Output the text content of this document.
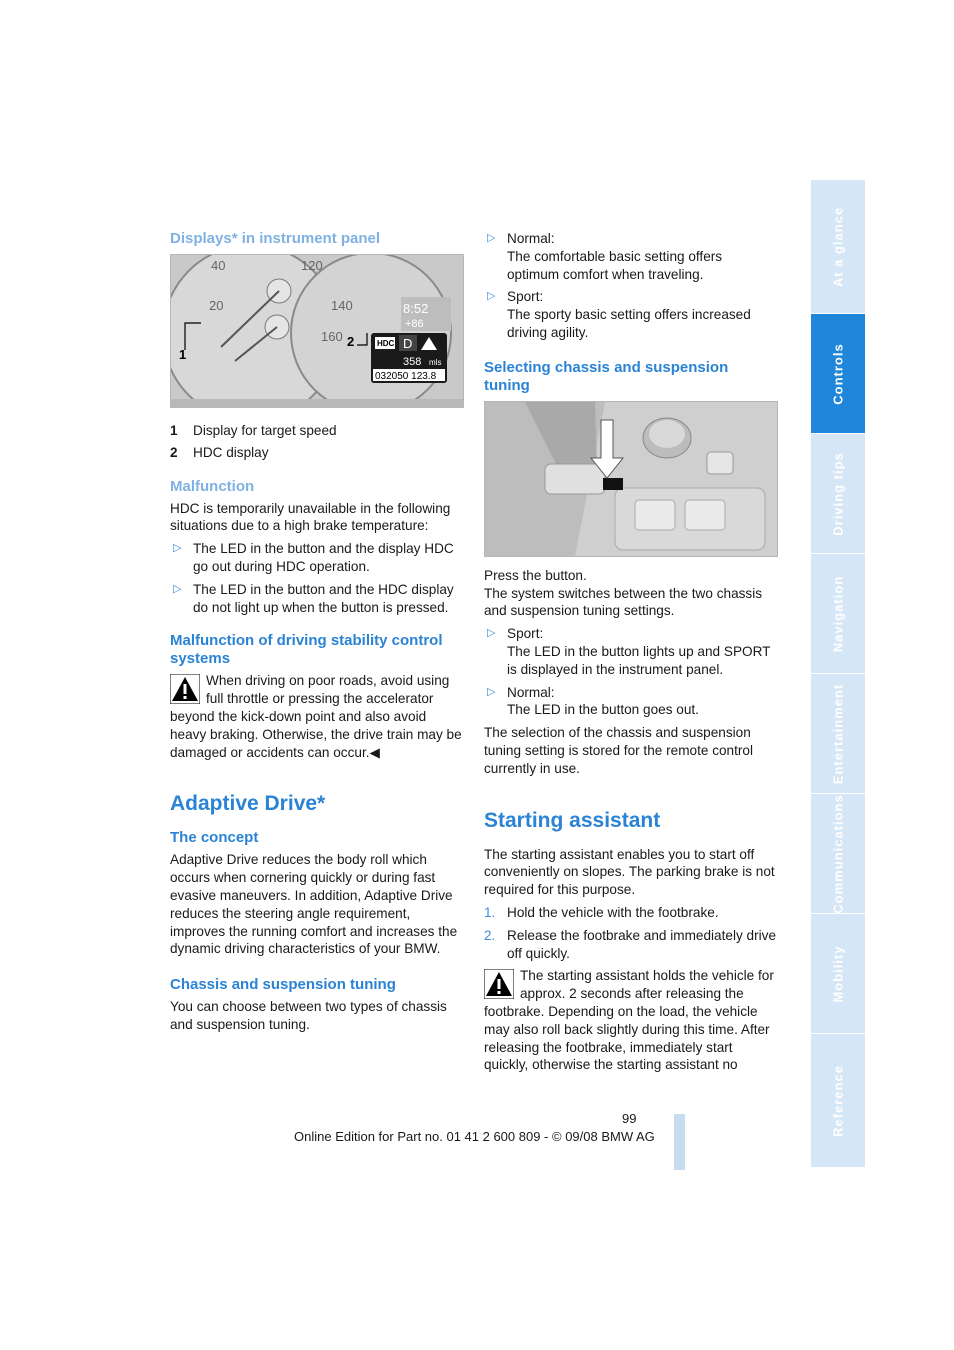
Displays* in instrument panel
40
20
120
140
160
8:52
+86
HDC D
358 mls
032050 123.8
1
2
1 Display for target speed
2 HDC display
Malfunction

HDC is temporarily unavailable in the following situations due to a high brake temperature:

▷ The LED in the button and the display HDC go out during HDC operation.
▷ The LED in the button and the HDC display do not light up when the button is pressed.
Malfunction of driving stability control systems
When driving on poor roads, avoid using full throttle or pressing the accelerator beyond the kick-down point and also avoid heavy braking. Otherwise, the drive train may be damaged or accidents can occur.◀
Adaptive Drive*
The concept

Adaptive Drive reduces the body roll which occurs when cornering quickly or during fast evasive maneuvers. In addition, Adaptive Drive reduces the steering angle requirement, improves the running comfort and increases the dynamic driving characteristics of your BMW.

Chassis and suspension tuning

You can choose between two types of chassis and suspension tuning.

▷ Normal:
The comfortable basic setting offers optimum comfort when traveling.
▷ Sport:
The sporty basic setting offers increased driving agility.
Selecting chassis and suspension tuning

Press the button.

The system switches between the two chassis and suspension tuning settings.

▷ Sport:
The LED in the button lights up and SPORT is displayed in the instrument panel.
▷ Normal:
The LED in the button goes out.

The selection of the chassis and suspension tuning setting is stored for the remote control currently in use.

Starting assistant

The starting assistant enables you to start off conveniently on slopes. The parking brake is not required for this purpose.

1. Hold the vehicle with the footbrake.
2. Release the footbrake and immediately drive off quickly.
The starting assistant holds the vehicle for approx. 2 seconds after releasing the footbrake. Depending on the load, the vehicle may also roll back slightly during this time. After releasing the footbrake, immediately start quickly, otherwise the starting assistant no
At a glance
Controls
Driving tips
Navigation
Entertainment
Communications
Mobility
Reference
99
Online Edition for Part no. 01 41 2 600 809 - © 09/08 BMW AG
